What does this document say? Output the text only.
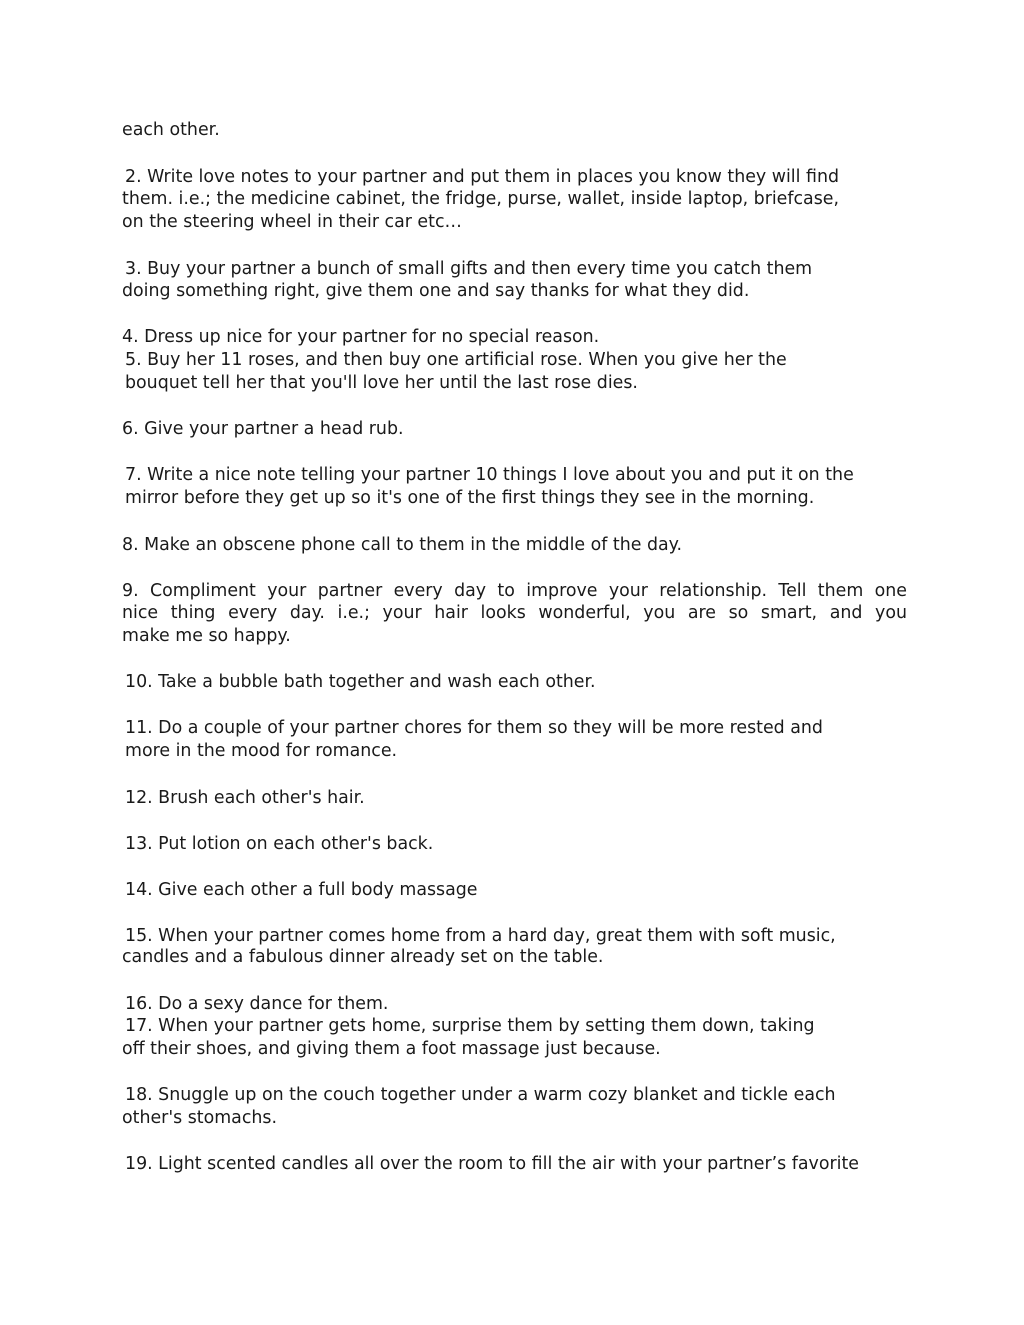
each other.

2. Write love notes to your partner and put them in places you know they will find

them. i.e.; the medicine cabinet, the fridge, purse, wallet, inside laptop, briefcase,

on the steering wheel in their car etc…

3. Buy your partner a bunch of small gifts and then every time you catch them

doing something right, give them one and say thanks for what they did.

4. Dress up nice for your partner for no special reason.

5. Buy her 11 roses, and then buy one artificial rose. When you give her the

bouquet tell her that you'll love her until the last rose dies.

6. Give your partner a head rub.

7. Write a nice note telling your partner 10 things I love about you and put it on the

mirror before they get up so it's one of the first things they see in the morning.

8. Make an obscene phone call to them in the middle of the day.

9. Compliment your partner every day to improve your relationship. Tell them one

nice thing every day. i.e.; your hair looks wonderful, you are so smart, and you

make me so happy.

10. Take a bubble bath together and wash each other.

11. Do a couple of your partner chores for them so they will be more rested and

more in the mood for romance.

12. Brush each other's hair.

13. Put lotion on each other's back.

14. Give each other a full body massage

15. When your partner comes home from a hard day, great them with soft music,

candles and a fabulous dinner already set on the table.

16. Do a sexy dance for them.

17. When your partner gets home, surprise them by setting them down, taking

off their shoes, and giving them a foot massage just because.

18. Snuggle up on the couch together under a warm cozy blanket and tickle each

other's stomachs.

19. Light scented candles all over the room to fill the air with your partner’s favorite
